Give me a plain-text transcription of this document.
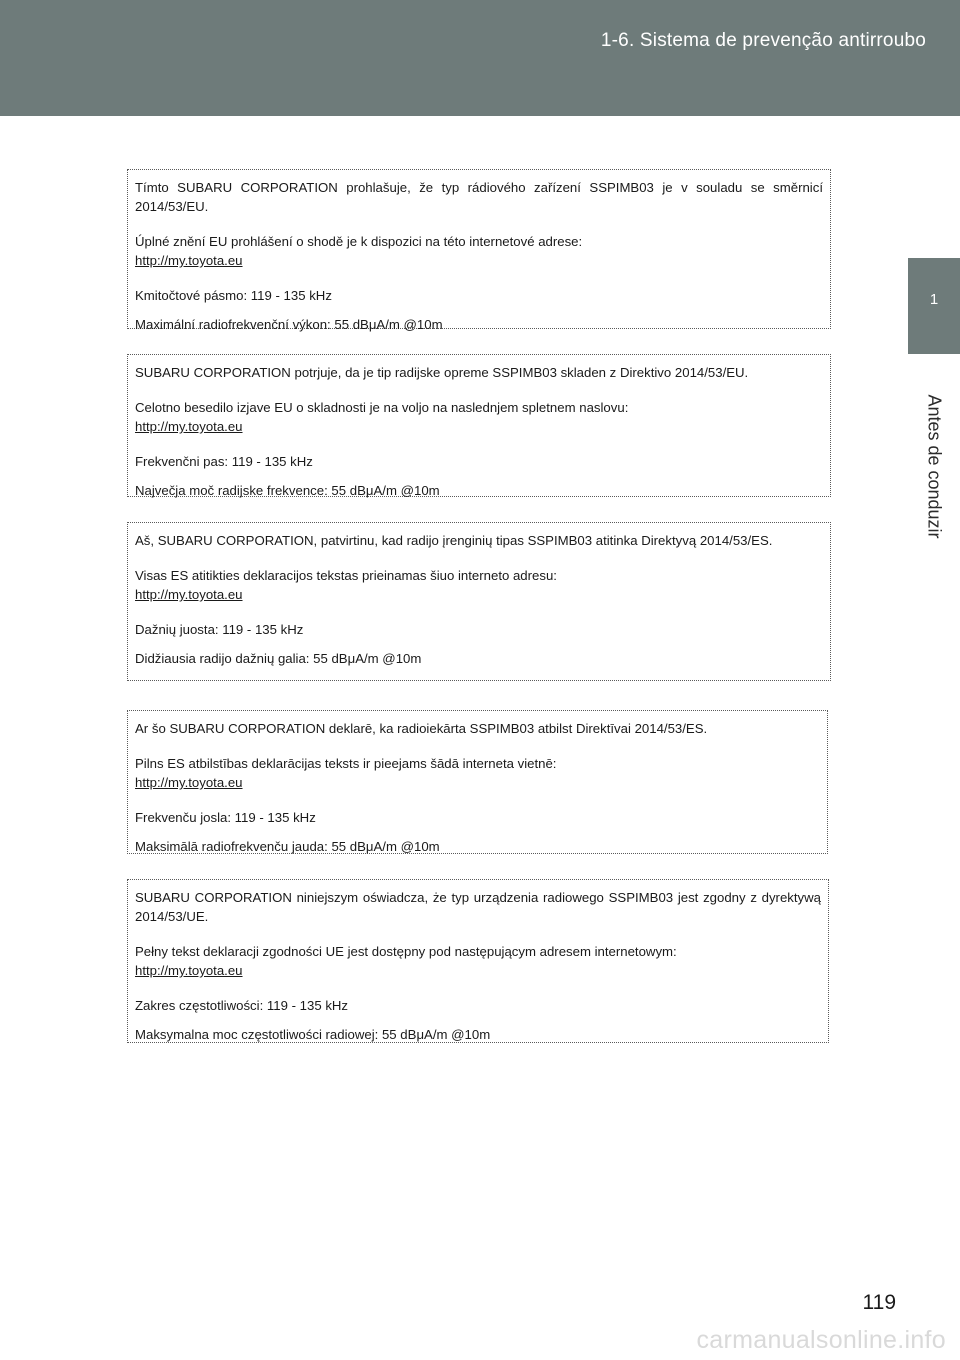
1-6. Sistema de prevenção antirroubo
1
Antes de conduzir

Tímto SUBARU CORPORATION prohlašuje, že typ rádiového zařízení SSPIMB03 je v souladu se směrnicí 2014/53/EU.

Úplné znění EU prohlášení o shodě je k dispozici na této internetové adrese:

http://my.toyota.eu

Kmitočtové pásmo: 119 - 135 kHz

Maximální radiofrekvenční výkon: 55 dBμA/m @10m

SUBARU CORPORATION potrjuje, da je tip radijske opreme SSPIMB03 skladen z Direktivo 2014/53/EU.

Celotno besedilo izjave EU o skladnosti je na voljo na naslednjem spletnem naslovu:

http://my.toyota.eu

Frekvenčni pas: 119 - 135 kHz

Največja moč radijske frekvence: 55 dBμA/m @10m

Aš, SUBARU CORPORATION, patvirtinu, kad radijo įrenginių tipas SSPIMB03 atitinka Direktyvą 2014/53/ES.

Visas ES atitikties deklaracijos tekstas prieinamas šiuo interneto adresu:

http://my.toyota.eu

Dažnių juosta: 119 - 135 kHz

Didžiausia radijo dažnių galia: 55 dBμA/m @10m

Ar šo SUBARU CORPORATION deklarē, ka radioiekārta SSPIMB03 atbilst Direktīvai 2014/53/ES.

Pilns ES atbilstības deklarācijas teksts ir pieejams šādā interneta vietnē:

http://my.toyota.eu

Frekvenču josla: 119 - 135 kHz

Maksimālā radiofrekvenču jauda: 55 dBμA/m @10m

SUBARU CORPORATION niniejszym oświadcza, że typ urządzenia radiowego SSPIMB03 jest zgodny z dyrektywą 2014/53/UE.

Pełny tekst deklaracji zgodności UE jest dostępny pod następującym adresem internetowym:

http://my.toyota.eu

Zakres częstotliwości: 119 - 135 kHz

Maksymalna moc częstotliwości radiowej: 55 dBμA/m @10m

119
carmanualsonline.info
